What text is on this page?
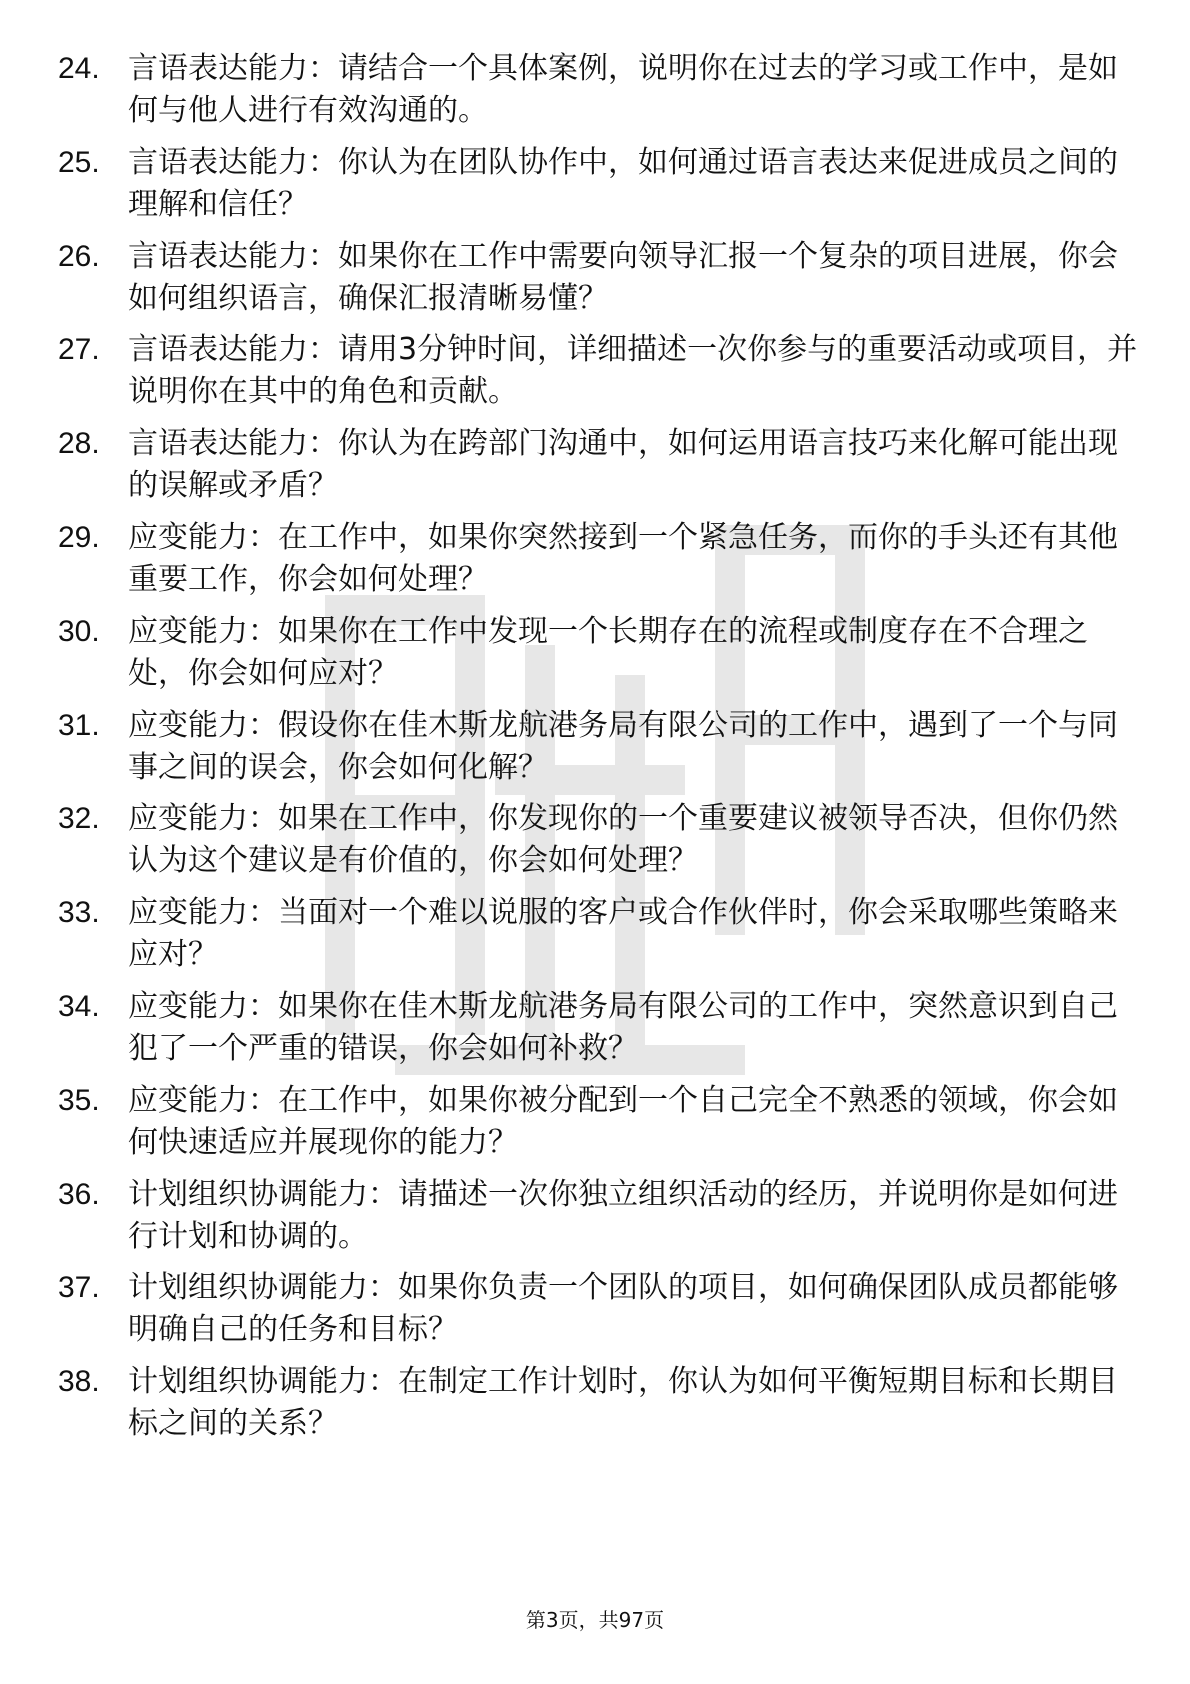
24. 言语表达能力：请结合一个具体案例，说明你在过去的学习或工作中，是如何与他人进行有效沟通的。
25. 言语表达能力：你认为在团队协作中，如何通过语言表达来促进成员之间的理解和信任？
26. 言语表达能力：如果你在工作中需要向领导汇报一个复杂的项目进展，你会如何组织语言，确保汇报清晰易懂？
27. 言语表达能力：请用3分钟时间，详细描述一次你参与的重要活动或项目，并说明你在其中的角色和贡献。
28. 言语表达能力：你认为在跨部门沟通中，如何运用语言技巧来化解可能出现的误解或矛盾？
29. 应变能力：在工作中，如果你突然接到一个紧急任务，而你的手头还有其他重要工作，你会如何处理？
30. 应变能力：如果你在工作中发现一个长期存在的流程或制度存在不合理之处，你会如何应对？
31. 应变能力：假设你在佳木斯龙航港务局有限公司的工作中，遇到了一个与同事之间的误会，你会如何化解？
32. 应变能力：如果在工作中，你发现你的一个重要建议被领导否决，但你仍然认为这个建议是有价值的，你会如何处理？
33. 应变能力：当面对一个难以说服的客户或合作伙伴时，你会采取哪些策略来应对？
34. 应变能力：如果你在佳木斯龙航港务局有限公司的工作中，突然意识到自己犯了一个严重的错误，你会如何补救？
35. 应变能力：在工作中，如果你被分配到一个自己完全不熟悉的领域，你会如何快速适应并展现你的能力？
36. 计划组织协调能力：请描述一次你独立组织活动的经历，并说明你是如何进行计划和协调的。
37. 计划组织协调能力：如果你负责一个团队的项目，如何确保团队成员都能够明确自己的任务和目标？
38. 计划组织协调能力：在制定工作计划时，你认为如何平衡短期目标和长期目标之间的关系？
第3页，共97页
